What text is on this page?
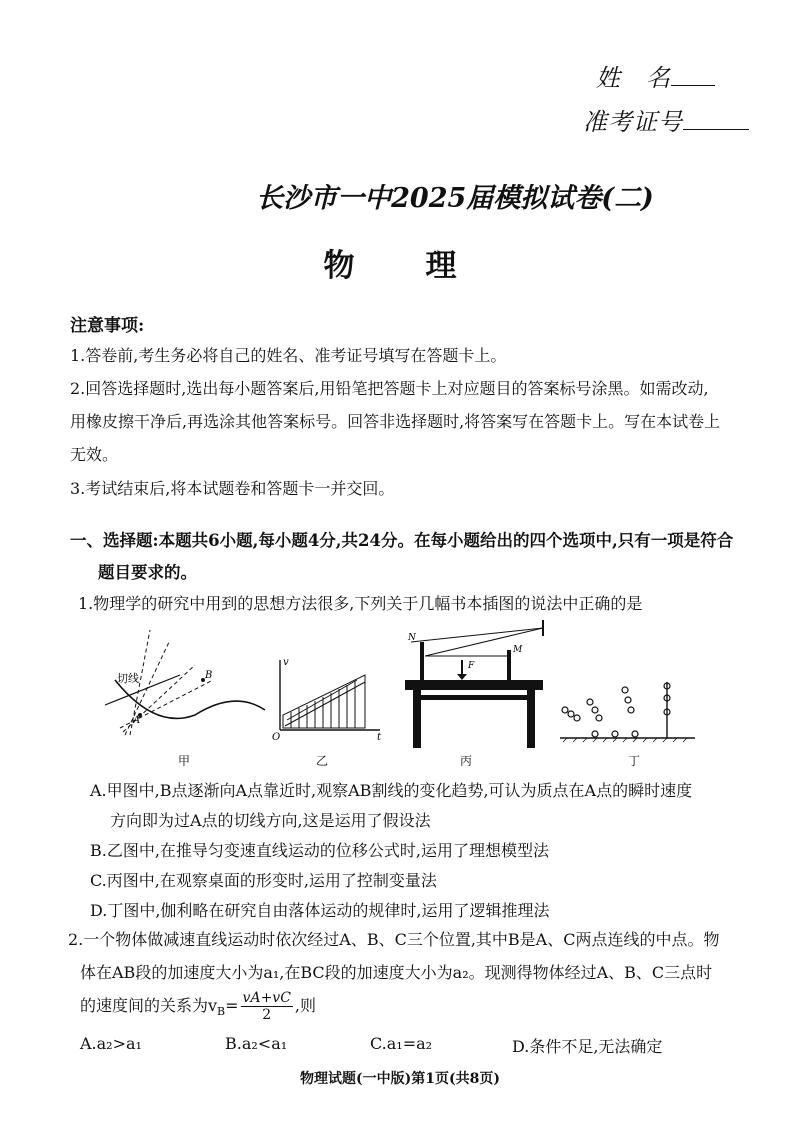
姓　名
准考证号
长沙市一中2025届模拟试卷(二)
物　理
注意事项:
1.答卷前,考生务必将自己的姓名、准考证号填写在答题卡上。
2.回答选择题时,选出每小题答案后,用铅笔把答题卡上对应题目的答案标号涂黑。如需改动,
用橡皮擦干净后,再选涂其他答案标号。回答非选择题时,将答案写在答题卡上。写在本试卷上
无效。
3.考试结束后,将本试题卷和答题卡一并交回。
一、选择题:本题共6小题,每小题4分,共24分。在每小题给出的四个选项中,只有一项是符合
题目要求的。
1.物理学的研究中用到的思想方法很多,下列关于几幅书本插图的说法中正确的是
切线
A
B
v
t
O
N
M
F
甲	乙	丙	丁
A.甲图中,B点逐渐向A点靠近时,观察AB割线的变化趋势,可认为质点在A点的瞬时速度
方向即为过A点的切线方向,这是运用了假设法
B.乙图中,在推导匀变速直线运动的位移公式时,运用了理想模型法
C.丙图中,在观察桌面的形变时,运用了控制变量法
D.丁图中,伽利略在研究自由落体运动的规律时,运用了逻辑推理法
2.一个物体做减速直线运动时依次经过A、B、C三个位置,其中B是A、C两点连线的中点。物
体在AB段的加速度大小为a₁,在BC段的加速度大小为a₂。现测得物体经过A、B、C三点时
的速度间的关系为$v_B= \frac{vA+vC}{2}$ ,则
A.a₂>a₁	B.a₂<a₁	C.a₁=a₂	D.条件不足,无法确定
物理试题(一中版)第1页(共8页)
